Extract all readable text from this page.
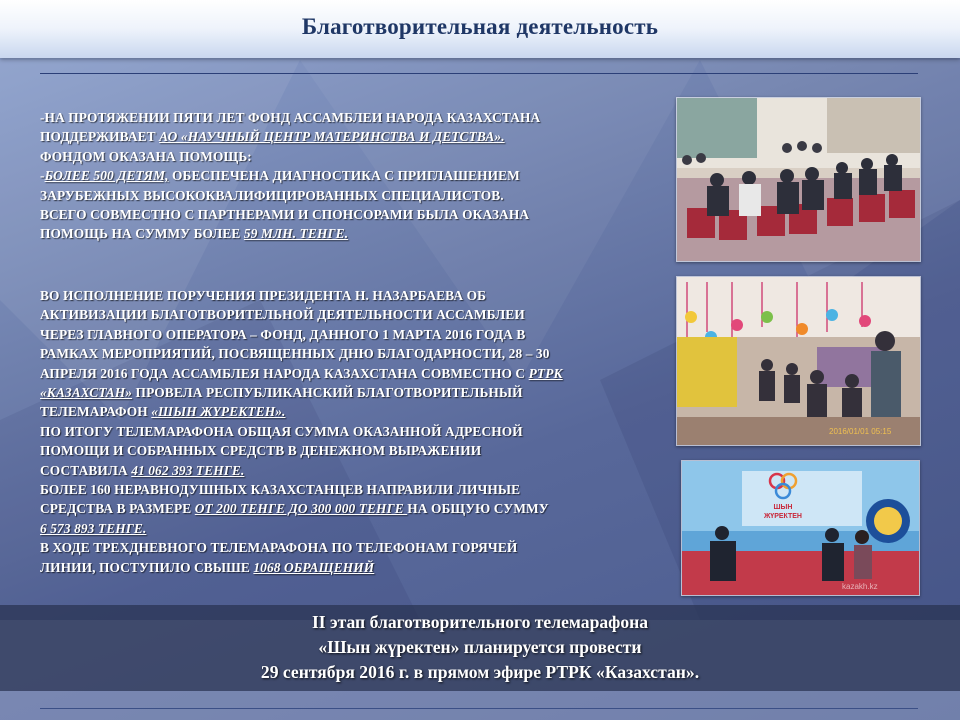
Благотворительная деятельность

-НА ПРОТЯЖЕНИИ ПЯТИ ЛЕТ ФОНД АССАМБЛЕИ НАРОДА КАЗАХСТАНА

ПОДДЕРЖИВАЕТ АО «НАУЧНЫЙ ЦЕНТР МАТЕРИНСТВА И ДЕТСТВА».

ФОНДОМ ОКАЗАНА ПОМОЩЬ:

-БОЛЕЕ 500 ДЕТЯМ, ОБЕСПЕЧЕНА ДИАГНОСТИКА С ПРИГЛАШЕНИЕМ

ЗАРУБЕЖНЫХ ВЫСОКОКВАЛИФИЦИРОВАННЫХ СПЕЦИАЛИСТОВ.

ВСЕГО СОВМЕСТНО С ПАРТНЕРАМИ И СПОНСОРАМИ БЫЛА ОКАЗАНА

ПОМОЩЬ НА СУММУ БОЛЕЕ 59 МЛН. ТЕНГЕ.

ВО ИСПОЛНЕНИЕ ПОРУЧЕНИЯ ПРЕЗИДЕНТА Н. НАЗАРБАЕВА ОБ

АКТИВИЗАЦИИ БЛАГОТВОРИТЕЛЬНОЙ ДЕЯТЕЛЬНОСТИ АССАМБЛЕИ

ЧЕРЕЗ ГЛАВНОГО ОПЕРАТОРА – ФОНД, ДАННОГО 1 МАРТА 2016 ГОДА В

РАМКАХ МЕРОПРИЯТИЙ, ПОСВЯЩЕННЫХ ДНЮ БЛАГОДАРНОСТИ, 28 – 30

АПРЕЛЯ 2016 ГОДА АССАМБЛЕЯ НАРОДА КАЗАХСТАНА СОВМЕСТНО С РТРК

«КАЗАХСТАН» ПРОВЕЛА РЕСПУБЛИКАНСКИЙ БЛАГОТВОРИТЕЛЬНЫЙ

ТЕЛЕМАРАФОН «ШЫН ЖҮРЕКТЕН».

ПО ИТОГУ ТЕЛЕМАРАФОНА ОБЩАЯ СУММА ОКАЗАННОЙ АДРЕСНОЙ

ПОМОЩИ И СОБРАННЫХ СРЕДСТВ В ДЕНЕЖНОМ ВЫРАЖЕНИИ

СОСТАВИЛА 41 062 393 ТЕНГЕ.

БОЛЕЕ 160 НЕРАВНОДУШНЫХ КАЗАХСТАНЦЕВ НАПРАВИЛИ ЛИЧНЫЕ

СРЕДСТВА В РАЗМЕРЕ ОТ 200 ТЕНГЕ ДО 300 000 ТЕНГЕ НА ОБЩУЮ СУММУ

6 573 893 ТЕНГЕ.

В ХОДЕ ТРЕХДНЕВНОГО ТЕЛЕМАРАФОНА ПО ТЕЛЕФОНАМ ГОРЯЧЕЙ

ЛИНИИ, ПОСТУПИЛО СВЫШЕ 1068 ОБРАЩЕНИЙ

2016/01/01 05:15
ШЫН
ЖҮРЕКТЕН
kazakh.kz
II этап благотворительного телемарафона
«Шын жүректен» планируется провести
29 сентября 2016 г. в прямом эфире РТРК «Казахстан».
